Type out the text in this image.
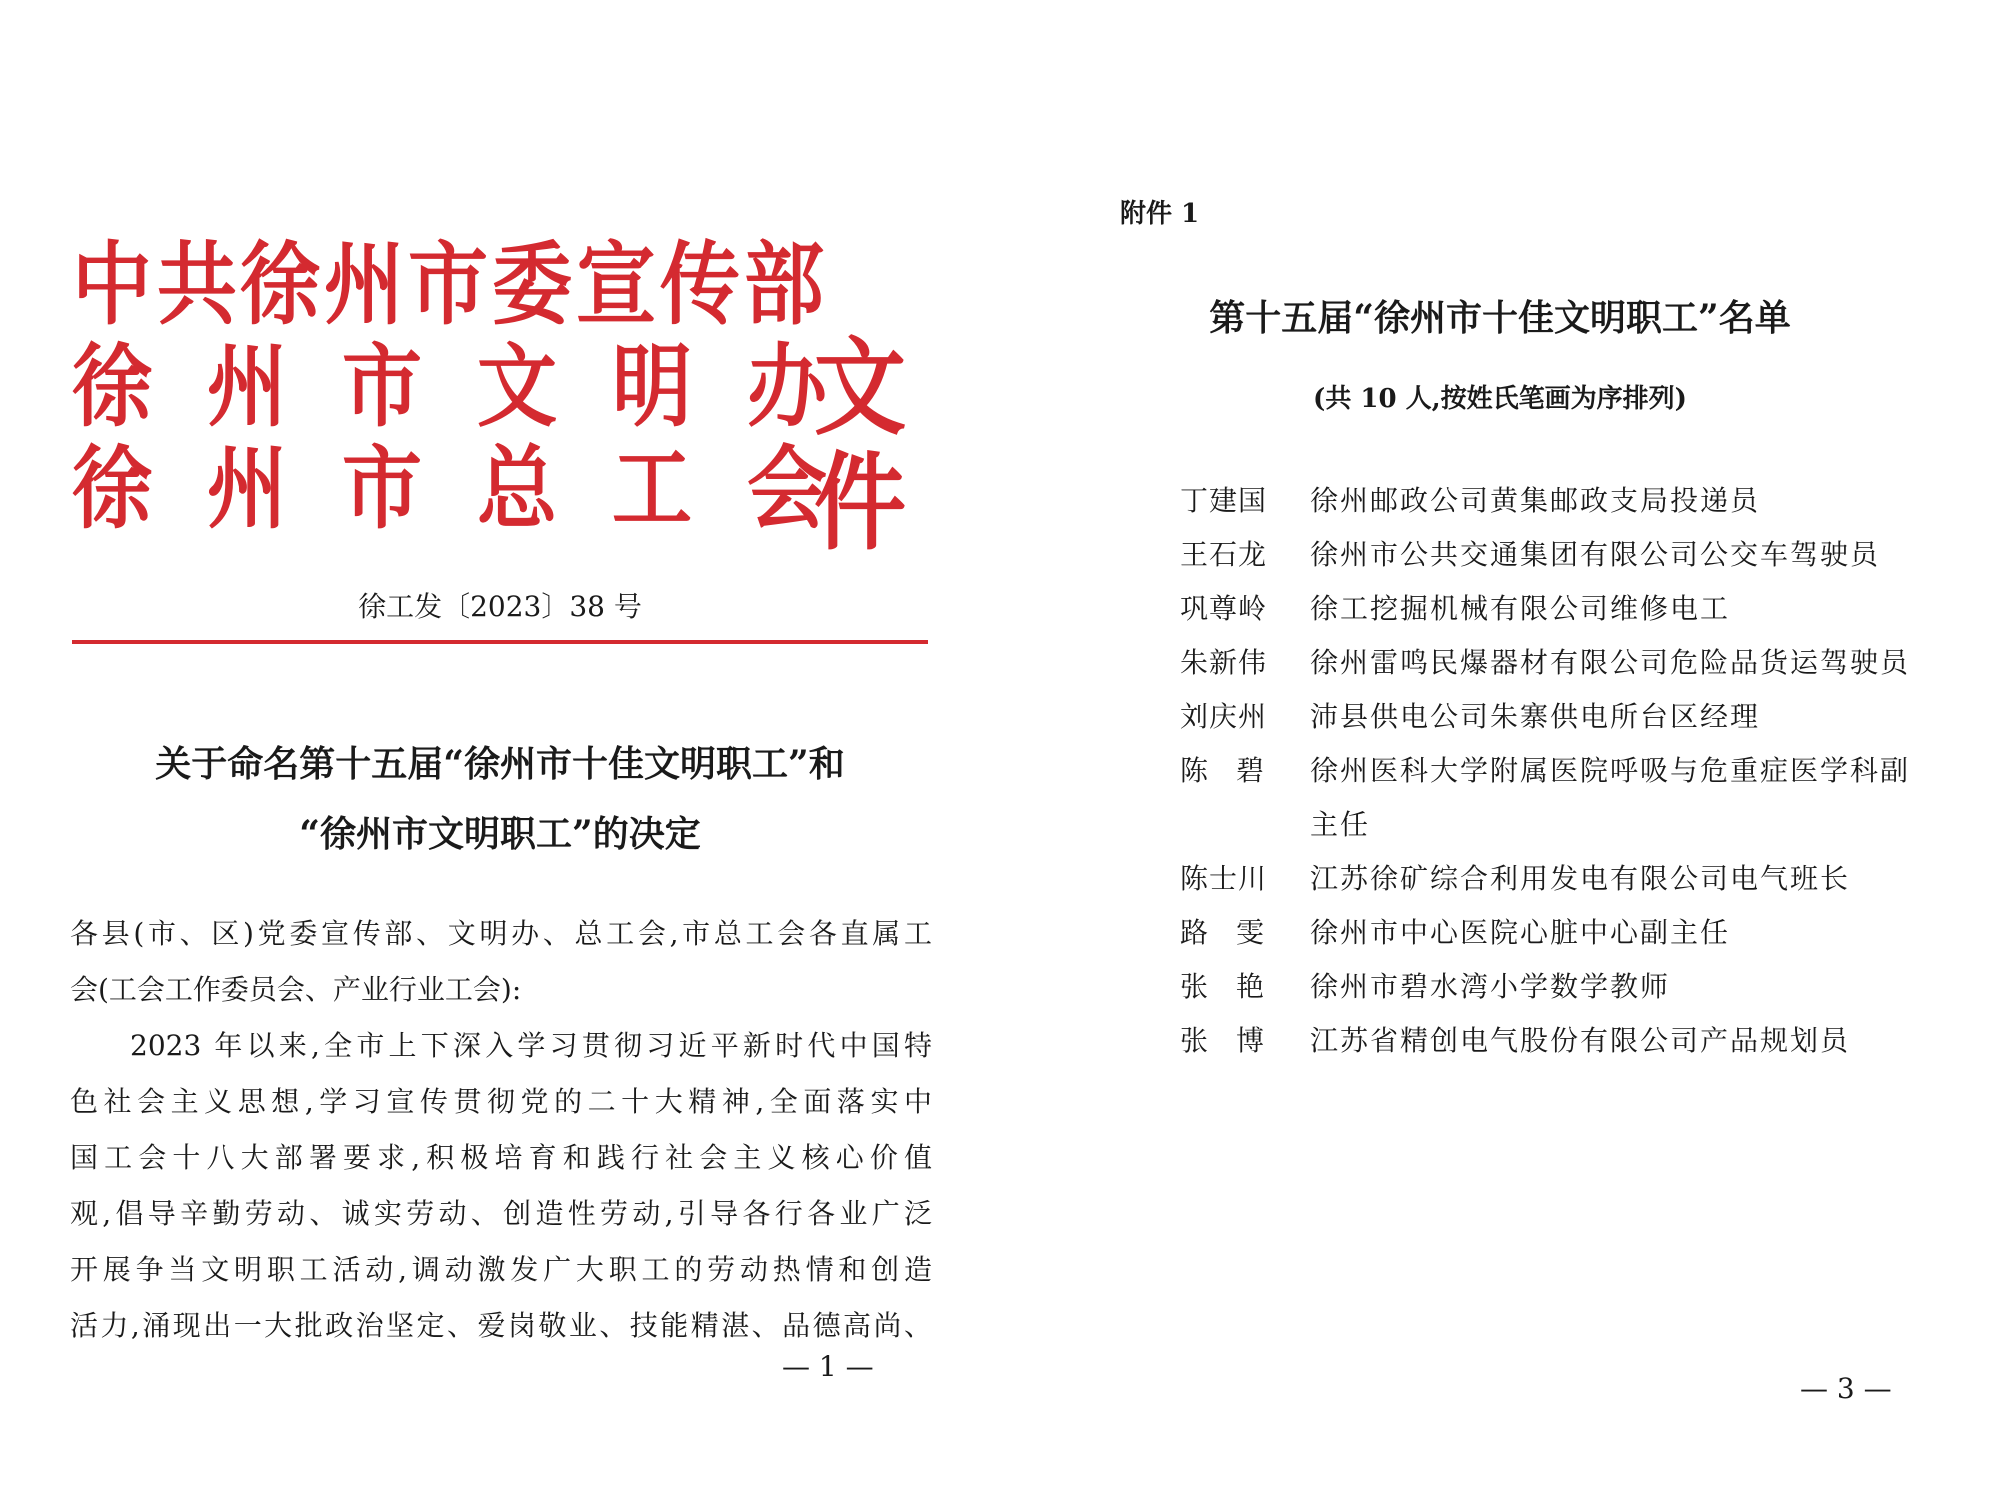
中 共 徐 州 市 委 宣 传 部
徐 州 市 文 明 办
徐 州 市 总 工 会
文件
徐工发〔2023〕38 号
关于命名第十五届“徐州市十佳文明职工”和
“徐州市文明职工”的决定
各县(市、区)党委宣传部、文明办、总工会,市总工会各直属工
会(工会工作委员会、产业行业工会):
2023 年以来,全市上下深入学习贯彻习近平新时代中国特
色社会主义思想,学习宣传贯彻党的二十大精神,全面落实中
国工会十八大部署要求,积极培育和践行社会主义核心价值
观,倡导辛勤劳动、诚实劳动、创造性劳动,引导各行各业广泛
开展争当文明职工活动,调动激发广大职工的劳动热情和创造
活力,涌现出一大批政治坚定、爱岗敬业、技能精湛、品德高尚、
— 1 —
附件 1
第十五届“徐州市十佳文明职工”名单
(共 10 人,按姓氏笔画为序排列)
丁建国 徐州邮政公司黄集邮政支局投递员
王石龙 徐州市公共交通集团有限公司公交车驾驶员
巩尊岭 徐工挖掘机械有限公司维修电工
朱新伟 徐州雷鸣民爆器材有限公司危险品货运驾驶员
刘庆州 沛县供电公司朱寨供电所台区经理
陈　碧 徐州医科大学附属医院呼吸与危重症医学科副
主任
陈士川 江苏徐矿综合利用发电有限公司电气班长
路　雯 徐州市中心医院心脏中心副主任
张　艳 徐州市碧水湾小学数学教师
张　博 江苏省精创电气股份有限公司产品规划员
— 3 —
